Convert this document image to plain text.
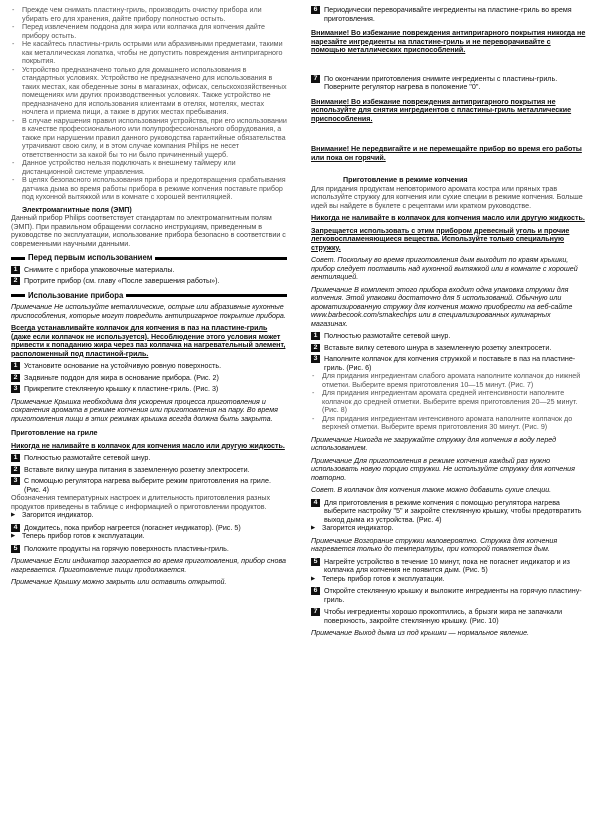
- Прежде чем снимать пластину-гриль, производить очистку прибора или убирать его для хранения, дайте прибору полностью остыть.

- Перед извлечением поддона для жира или колпачка для копчения дайте прибору остыть.

- Не касайтесь пластины-гриль острыми или абразивными предметами, такими как металлическая лопатка, чтобы не допустить повреждения антипригарного покрытия.

- Устройство предназначено только для домашнего использования в стандартных условиях. Устройство не предназначено для использования в таких местах, как обеденные зоны в магазинах, офисах, сельскохозяйственных помещениях или других производственных условиях. Также устройство не предназначено для использования клиентами в отелях, мотелях, местах ночлега и приема пищи, а также в других местах пребывания.

- В случае нарушения правил использования устройства, при его использовании в качестве профессионального или полупрофессионального оборудования, а также при нарушении правил данного руководства гарантийные обязательства утрачивают свою силу, и в этом случае компания Philips не несет ответственности за какой бы то ни было причиненный ущерб.

- Данное устройство нельзя подключать к внешнему таймеру или дистанционной системе управления.

- В целях безопасного использования прибора и предотвращения срабатывания датчика дыма во время работы прибора в режиме копчения поставьте прибор под кухонной вытяжкой или в комнате с хорошей вентиляцией.

Электромагнитные поля (ЭМП)

Данный прибор Philips соответствует стандартам по электромагнитным полям (ЭМП). При правильном обращении согласно инструкциям, приведенным в руководстве по эксплуатации, использование прибора безопасно в соответствии с современными научными данными.

Перед первым использованием
1 Снимите с прибора упаковочные материалы.
2 Протрите прибор (см. главу «После завершения работы»).
Использование прибора

Примечание Не используйте металлические, острые или абразивные кухонные приспособления, которые могут повредить антипригарное покрытие прибора.

Всегда устанавливайте колпачок для копчения в паз на пластине-гриль (даже если колпачок не используется). Несоблюдение этого условия может привести к попаданию жира через паз колпачка на нагревательный элемент, расположенный под пластиной-гриль.

1 Установите основание на устойчивую ровную поверхность.
2 Задвиньте поддон для жира в основание прибора. (Рис. 2)
3 Прикрепите стеклянную крышку к пластине-гриль. (Рис. 3)

Примечание Крышка необходима для ускорения процесса приготовления и сохранения аромата в режиме копчения или приготовления на пару. Во время приготовления пищи в этих режимах крышка всегда должна быть закрыта.

Приготовление на гриле

Никогда не наливайте в колпачок для копчения масло или другую жидкость.

1 Полностью размотайте сетевой шнур.
2 Вставьте вилку шнура питания в заземленную розетку электросети.
3 С помощью регулятора нагрева выберите режим приготовления на гриле. (Рис. 4)

Обозначения температурных настроек и длительность приготовления разных продуктов приведены в таблице с информацией о приготовлении продуктов.

▶ Загорится индикатор.

4 Дождитесь, пока прибор нагреется (погаснет индикатор). (Рис. 5)

▶ Теперь прибор готов к эксплуатации.

5 Положите продукты на горячую поверхность пластины-гриль.

Примечание Если индикатор загорается во время приготовления, прибор снова нагревается. Приготовление пищи продолжается.

Примечание Крышку можно закрыть или оставить открытой.

6 Периодически переворачивайте ингредиенты на пластине-гриль во время приготовления.

Внимание! Во избежание повреждения антипригарного покрытия никогда не нарезайте ингредиенты на пластине-гриль и не переворачивайте с помощью металлических приспособлений.

7 По окончании приготовления снимите ингредиенты с пластины-гриль. Поверните регулятор нагрева в положение "0".

Внимание! Во избежание повреждения антипригарного покрытия не используйте для снятия ингредиентов с пластины-гриль металлические приспособления.

Внимание! Не передвигайте и не перемещайте прибор во время его работы или пока он горячий.

Приготовление в режиме копчения

Для придания продуктам неповторимого аромата костра или пряных трав используйте стружку для копчения или сухие специи в режиме копчения. Больше идей вы найдете в буклете с рецептами или кратком руководстве.

Никогда не наливайте в колпачок для копчения масло или другую жидкость.

Запрещается использовать с этим прибором древесный уголь и прочие легковоспламеняющиеся вещества. Используйте только специальную стружку.

Совет. Поскольку во время приготовления дым выходит по краям крышки, прибор следует поставить над кухонной вытяжкой или в комнате с хорошей вентиляцией.

Примечание В комплект этого прибора входит одна упаковка стружки для копчения. Этой упаковки достаточно для 5 использований. Обычную или ароматизированную стружку для копчения можно приобрести на веб-сайте www.barbecook.com/smakechips или в специализированных кулинарных магазинах.

1 Полностью размотайте сетевой шнур.
2 Вставьте вилку сетевого шнура в заземленную розетку электросети.
3 Наполните колпачок для копчения стружкой и поставьте в паз на пластине-гриль. (Рис. 6)

- Для придания ингредиентам слабого аромата наполните колпачок до нижней отметки. Выберите время приготовления 10—15 минут. (Рис. 7)

- Для придания ингредиентам аромата средней интенсивности наполните колпачок до средней отметки. Выберите время приготовления 20—25 минут. (Рис. 8)

- Для придания ингредиентам интенсивного аромата наполните колпачок до верхней отметки. Выберите время приготовления 30 минут. (Рис. 9)

Примечание Никогда не загружайте стружку для копчения в воду перед использованием.

Примечание Для приготовления в режиме копчения каждый раз нужно использовать новую порцию стружки. Не используйте стружку для копчения повторно.

Совет. В колпачок для копчения также можно добавить сухие специи.

4 Для приготовления в режиме копчения с помощью регулятора нагрева выберите настройку "5" и закройте стеклянную крышку, чтобы предотвратить выход дыма из устройства. (Рис. 4)

▶ Загорится индикатор.

Примечание Возгорание стружки маловероятно. Стружка для копчения нагревается только до температуры, при которой появляется дым.

5 Нагрейте устройство в течение 10 минут, пока не погаснет индикатор и из колпачка для копчения не появится дым. (Рис. 5)

▶ Теперь прибор готов к эксплуатации.

6 Откройте стеклянную крышку и выложите ингредиенты на горячую пластину-гриль.
7 Чтобы ингредиенты хорошо прокоптились, а брызги жира не запачкали поверхность, закройте стеклянную крышку. (Рис. 10)

Примечание Выход дыма из под крышки — нормальное явление.
